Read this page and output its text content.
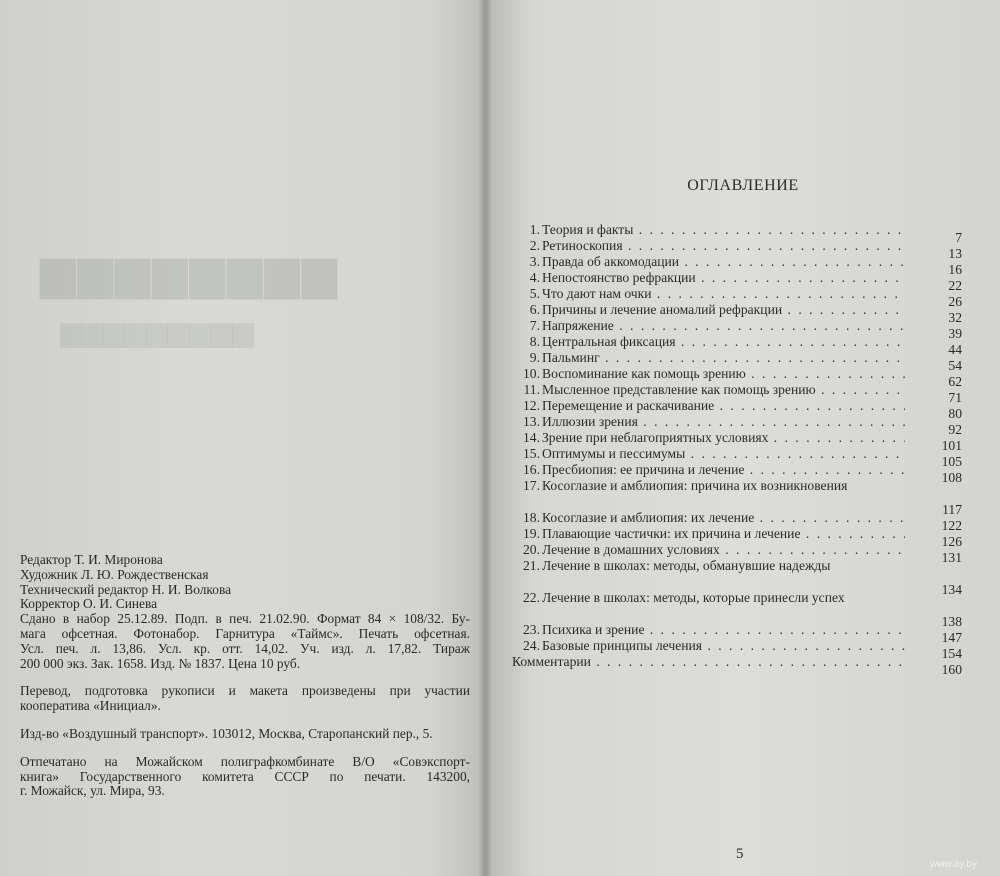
▆▆▆▆▆▆▆▆
▆▆▆▆▆▆▆▆▆
Редактор Т. И. Миронова
Художник Л. Ю. Рождественская
Технический редактор Н. И. Волкова
Корректор О. И. Синева
Сдано в набор 25.12.89. Подп. в печ. 21.02.90. Формат 84 × 108/32. Бу-
мага офсетная. Фотонабор. Гарнитура «Таймс». Печать офсетная.
Усл. печ. л. 13,86. Усл. кр. отт. 14,02. Уч. изд. л. 17,82. Тираж
200 000 экз. Зак. 1658. Изд. № 1837. Цена 10 руб.
Перевод, подготовка рукописи и макета произведены при участии
кооператива «Инициал».
Изд-во «Воздушный транспорт». 103012, Москва, Старопанский пер., 5.
Отпечатано на Можайском полиграфкомбинате В/О «Совэкспорт-
книга» Государственного комитета СССР по печати. 143200,
г. Можайск, ул. Мира, 93.
ОГЛАВЛЕНИЕ
1. Теория и факты . . .
7
2. Ретиноскопия . . .
13
3. Правда об аккомодации . . .
16
4. Непостоянство рефракции . . .
22
5. Что дают нам очки . . .
26
6. Причины и лечение аномалий рефракции . . .
32
7. Напряжение . . .
39
8. Центральная фиксация . . .
44
9. Пальминг . . .
54
10. Воспоминание как помощь зрению . . .
62
11. Мысленное представление как помощь зрению . . .
71
12. Перемещение и раскачивание . . .
80
13. Иллюзии зрения . . .
92
14. Зрение при неблагоприятных условиях . . .
101
15. Оптимумы и пессимумы . . .
105
16. Пресбиопия: ее причина и лечение . . .
108
17. Косоглазие и амблиопия: причина их возникновения
117
18. Косоглазие и амблиопия: их лечение . . .
122
19. Плавающие частички: их причина и лечение . . .
126
20. Лечение в домашних условиях . . .
131
21. Лечение в школах: методы, обманувшие надежды
134
22. Лечение в школах: методы, которые принесли успех
138
23. Психика и зрение . . .
147
24. Базовые принципы лечения . . .
154
Комментарии . . .
160
5
www.ay.by
